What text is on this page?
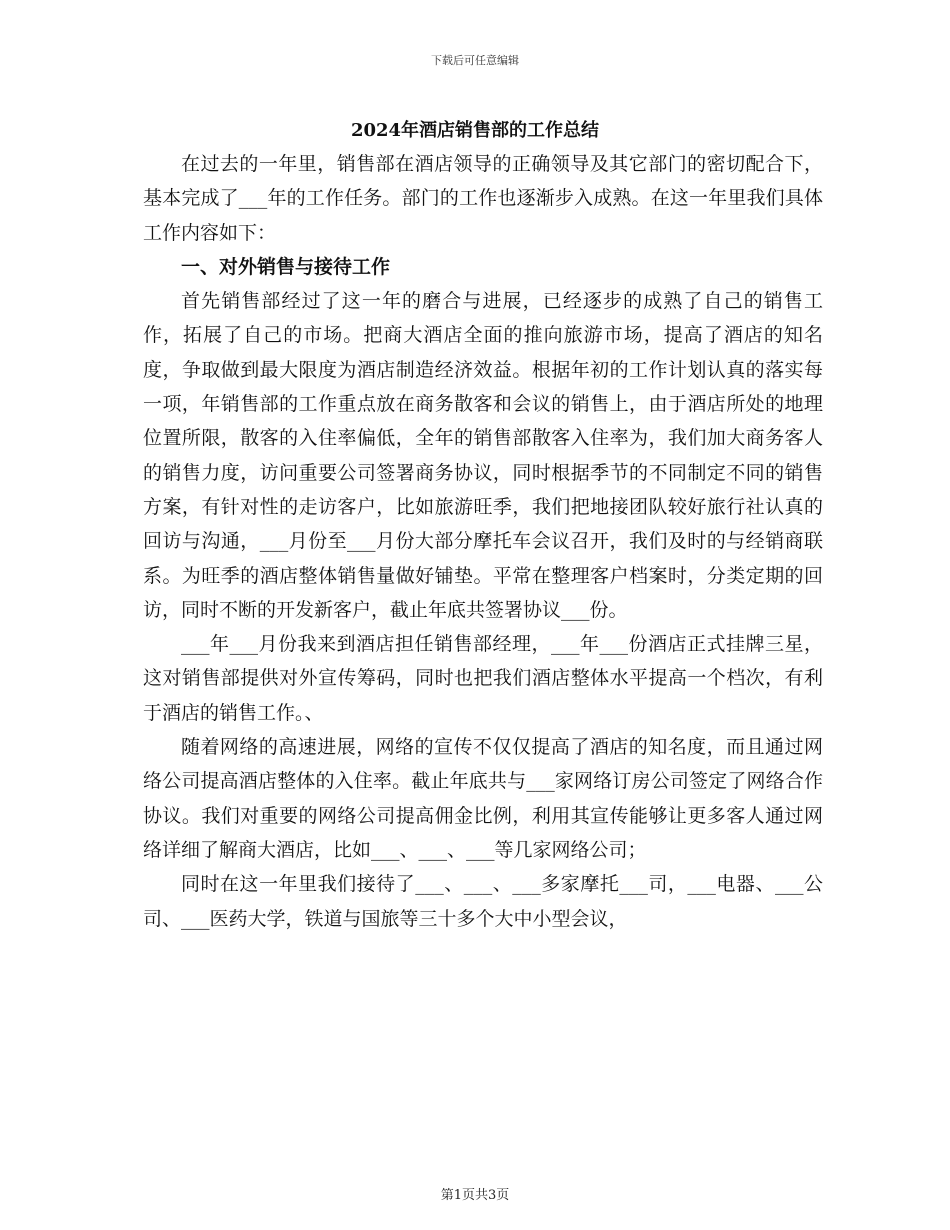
下载后可任意编辑
2024年酒店销售部的工作总结

在过去的一年里，销售部在酒店领导的正确领导及其它部门的密切配合下，基本完成了___年的工作任务。部门的工作也逐渐步入成熟。在这一年里我们具体工作内容如下：

一、对外销售与接待工作

首先销售部经过了这一年的磨合与进展，已经逐步的成熟了自己的销售工作，拓展了自己的市场。把商大酒店全面的推向旅游市场，提高了酒店的知名度，争取做到最大限度为酒店制造经济效益。根据年初的工作计划认真的落实每一项，年销售部的工作重点放在商务散客和会议的销售上，由于酒店所处的地理位置所限，散客的入住率偏低，全年的销售部散客入住率为，我们加大商务客人的销售力度，访问重要公司签署商务协议，同时根据季节的不同制定不同的销售方案，有针对性的走访客户，比如旅游旺季，我们把地接团队较好旅行社认真的回访与沟通，___月份至___月份大部分摩托车会议召开，我们及时的与经销商联系。为旺季的酒店整体销售量做好铺垫。平常在整理客户档案时，分类定期的回访，同时不断的开发新客户，截止年底共签署协议___份。

___年___月份我来到酒店担任销售部经理，___年___份酒店正式挂牌三星，这对销售部提供对外宣传筹码，同时也把我们酒店整体水平提高一个档次，有利于酒店的销售工作。、

随着网络的高速进展，网络的宣传不仅仅提高了酒店的知名度，而且通过网络公司提高酒店整体的入住率。截止年底共与___家网络订房公司签定了网络合作协议。我们对重要的网络公司提高佣金比例，利用其宣传能够让更多客人通过网络详细了解商大酒店，比如___、___、___等几家网络公司；

同时在这一年里我们接待了___、___、___多家摩托___司，___电器、___公司、___医药大学，铁道与国旅等三十多个大中小型会议，

第1页共3页
